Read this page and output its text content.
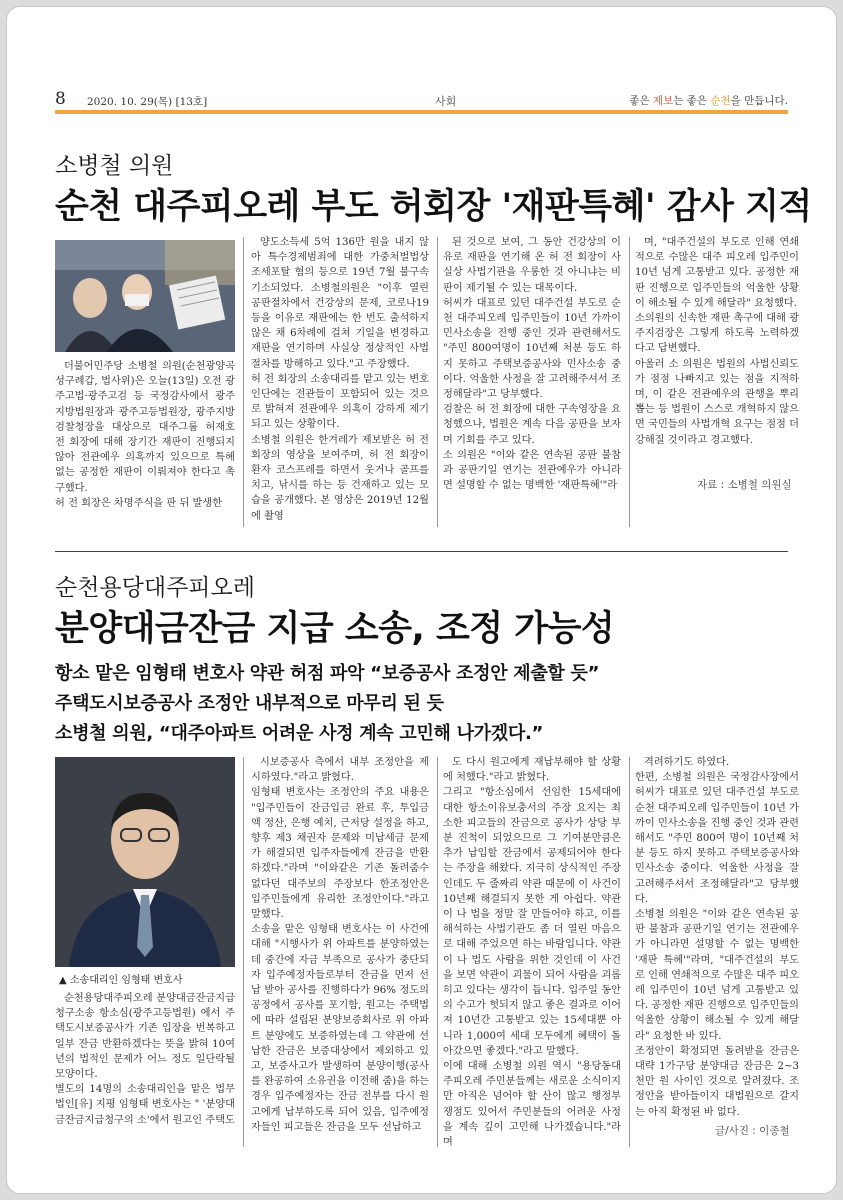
8 2020. 10. 29(목) [13호]	사회	좋은 제보는 좋은 순천을 만듭니다.
소병철 의원
순천 대주피오레 부도 허회장 '재판특혜' 감사 지적

더불어민주당 소병철 의원(순천광양곡성구례갑, 법사위)은 오늘(13일) 오전 광주고법·광주고검 등 국정감사에서 광주지방법원장과 광주고등법원장, 광주지방검찰청장을 대상으로 대주그룹 허재호 전 회장에 대해 장기간 재판이 진행되지 않아 전관예우 의혹까지 있으므로 특혜없는 공정한 재판이 이뤄져야 한다고 촉구했다.
허 전 회장은 차명주식을 판 뒤 발생한

양도소득세 5억 136만 원을 내지 않아 특수경제범죄에 대한 가중처벌법상 조세포탈 혐의 등으로 19년 7월 불구속기소되었다. 소병철의원은 "이후 열린 공판절차에서 건강상의 문제, 코로나19 등을 이유로 재판에는 한 번도 출석하지 않은 채 6차례에 걸쳐 기일을 변경하고 재판을 연기하며 사실상 정상적인 사법절차를 방해하고 있다."고 주장했다.
허 전 회장의 소송대리를 맡고 있는 변호인단에는 전관들이 포함되어 있는 것으로 밝혀져 전관예우 의혹이 강하게 제기되고 있는 상황이다.
소병철 의원은 한겨레가 제보받은 허 전 회장의 영상을 보여주며, 허 전 회장이 환자 코스프레를 하면서 웃거나 골프를 치고, 낚시를 하는 등 건재하고 있는 모습을 공개했다. 본 영상은 2019년 12월에 촬영

된 것으로 보여, 그 동안 건강상의 이유로 재판을 연기해 온 허 전 회장이 사실상 사법기관을 우롱한 것 아니냐는 비판이 제기될 수 있는 대목이다.
허씨가 대표로 있던 대주건설 부도로 순천 대주피오레 입주민들이 10년 가까이 민사소송을 진행 중인 것과 관련해서도 "주민 800여명이 10년째 처분 등도 하지 못하고 주택보증공사와 민사소송 중이다. 억울한 사정을 잘 고려해주셔서 조정해달라"고 당부했다.
검찰은 허 전 회장에 대한 구속영장을 요청했으나, 법원은 계속 다음 공판을 보자며 기회를 주고 있다.
소 의원은 "이와 같은 연속된 공판 불참과 공판기일 연기는 전관예우가 아니라면 설명할 수 없는 명백한 '재판특혜'"라

며, "대주건설의 부도로 인해 연쇄적으로 수많은 대주 피오레 입주민이 10년 넘게 고통받고 있다. 공정한 재판 진행으로 입주민들의 억울한 상황이 해소될 수 있게 해달라" 요청했다.
소의원의 신속한 재판 촉구에 대해 광주지검장은 그렇게 하도록 노력하겠다고 답변했다.
아울러 소 의원은 법원의 사법신뢰도가 점점 나빠지고 있는 점을 지적하며, 이 같은 전관예우의 관행을 뿌리 뽑는 등 법원이 스스로 개혁하지 않으면 국민들의 사법개혁 요구는 점점 더 강해질 것이라고 경고했다.

자료 : 소병철 의원실
순천용당대주피오레
분양대금잔금 지급 소송, 조정 가능성
항소 맡은 임형태 변호사 약관 허점 파악 “보증공사 조정안 제출할 듯”
주택도시보증공사 조정안 내부적으로 마무리 된 듯
소병철 의원, “대주아파트 어려운 사정 계속 고민해 나가겠다.”
▲ 소송대리인 임형태 변호사

순천용당대주피오레 분양대금잔금지급청구소송 항소심(광주고등법원) 에서 주택도시보증공사가 기존 입장을 번복하고 일부 잔금 반환하겠다는 뜻을 밝혀 10여 년의 법적인 문제가 어느 정도 일단락될 모양이다.
별도의 14명의 소송대리인을 맡은 법무법인[유] 지평 임형태 변호사는 " '분양대금잔금지급청구의 소'에서 원고인 주택도

시보증공사 측에서 내부 조정안을 제시하였다."라고 밝혔다.
임형태 변호사는 조정안의 주요 내용은 "입주민들이 잔금입금 완료 후, 투입금액 정산, 은행 예치, 근저당 설정을 하고, 향후 제3 채권자 문제와 미납세금 문제가 해결되면 입주자들에게 잔금을 반환하겠다."라며 "이와같은 기존 돌려줌수 없다던 대주보의 주장보다 한조정안은 입주민들에게 유리한 조정안이다."라고 말했다.
소송을 맡은 임형태 변호사는 이 사건에 대해 "시행사가 위 아파트를 분양하였는데 중간에 자금 부족으로 공사가 중단되자 입주예정자들로부터 잔금을 먼저 선납 받아 공사를 진행하다가 96% 정도의 공정에서 공사를 포기함, 원고는 주택법에 따라 설립된 분양보증회사로 위 아파트 분양에도 보증하였는데 그 약관에 선납한 잔금은 보증대상에서 제외하고 있고, 보증사고가 발생하여 분양이행(공사를 완공하여 소유권을 이전해 줌)을 하는 경우 입주예정자는 잔금 전부를 다시 원고에게 납부하도록 되어 있음, 입주예정자들인 피고들은 잔금을 모두 선납하고

도 다시 원고에게 재납부해야 할 상황에 처했다."라고 밝혔다.
그리고 "항소심에서 선임한 15세대에 대한 항소이유보충서의 주장 요지는 최소한 피고들의 잔금으로 공사가 상당 부분 진척이 되었으므로 그 기여분만큼은 추가 납입할 잔금에서 공제되어야 한다는 주장을 해왔다. 지극히 상식적인 주장인데도 두 줄짜리 약관 때문에 이 사건이 10년째 해결되지 못한 게 아쉽다. 약관이 나 법을 정말 잘 만들어야 하고, 이를 해석하는 사법기관도 좀 더 열린 마음으로 대해 주었으면 하는 바람입니다. 약관이 나 법도 사람을 위한 것인데 이 사건을 보면 약관이 괴물이 되어 사람을 괴롭히고 있다는 생각이 듭니다. 입주일 동안의 수고가 헛되지 않고 좋은 결과로 이어져 10년간 고통받고 있는 15세대뿐 아니라 1,000여 세대 모두에게 혜택이 돌아갔으면 좋겠다."라고 말했다.
이에 대해 소병철 의원 역시 "용당동대주피오레 주민분들께는 새로운 소식이지만 아직은 넘어야 할 산이 많고 행정부 쟁점도 있어서 주민분들의 어려운 사정을 계속 깊이 고민해 나가겠습니다."라며

격려하기도 하였다.
한편, 소병철 의원은 국정감사장에서 허씨가 대표로 있던 대주건설 부도로 순천 대주피오레 입주민들이 10년 가까이 민사소송을 진행 중인 것과 관련해서도 "주민 800여 명이 10년째 처분 등도 하지 못하고 주택보증공사와 민사소송 중이다. 억울한 사정을 잘 고려해주셔서 조정해달라"고 당부했다.
소병철 의원은 "이와 같은 연속된 공판 불참과 공판기일 연기는 전관예우가 아니라면 설명할 수 없는 명백한 '재판 특혜'"라며, "대주건설의 부도로 인해 연쇄적으로 수많은 대주 피오레 입주민이 10년 넘게 고통받고 있다. 공정한 재판 진행으로 입주민들의 억울한 상황이 해소될 수 있게 해달라" 요청한 바 있다.
조정안이 확정되면 돌려받을 잔금은 대략 1가구당 분양대금 잔금은 2~3천만 원 사이인 것으로 알려졌다. 조정안을 받아들이지 대법원으로 갈지는 아직 확정된 바 없다.

글/사진 : 이종철
